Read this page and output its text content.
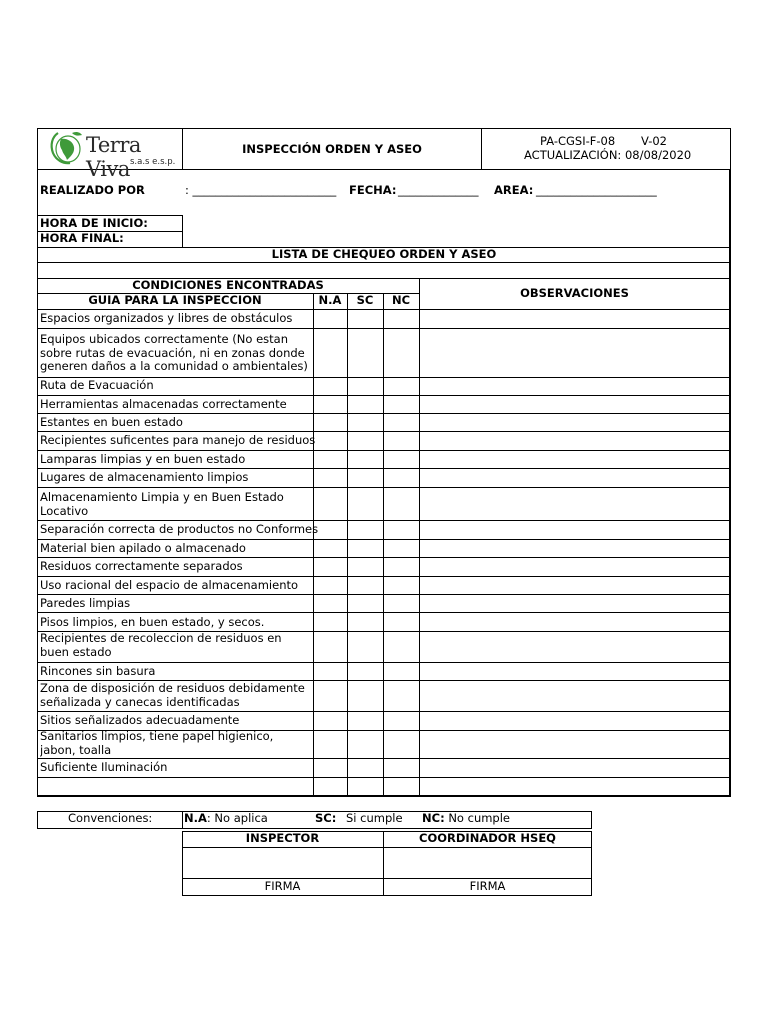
Terra Viva s.a.s e.s.p.
INSPECCIÓN ORDEN Y ASEO
PA-CGSI-F-08 V-02
ACTUALIZACIÓN: 08/08/2020
REALIZADO POR	: _________________________ FECHA: ______________ AREA: _____________________
HORA DE INICIO:
HORA FINAL:
LISTA DE CHEQUEO ORDEN Y ASEO
CONDICIONES ENCONTRADAS
GUIA PARA LA INSPECCION	N.A	SC	NC	OBSERVACIONES
Espacios organizados y libres de obstáculos
Equipos ubicados correctamente (No estan sobre rutas de evacuación, ni en zonas donde generen daños a la comunidad o ambientales)
Ruta de Evacuación
Herramientas almacenadas correctamente
Estantes en buen estado
Recipientes suficentes para manejo de residuos
Lamparas limpias y en buen estado
Lugares de almacenamiento limpios
Almacenamiento Limpia y en Buen Estado Locativo
Separación correcta de productos no Conformes
Material bien apilado o almacenado
Residuos correctamente separados
Uso racional del espacio de almacenamiento
Paredes limpias
Pisos limpios, en buen estado, y secos.
Recipientes de recoleccion de residuos en buen estado
Rincones sin basura
Zona de disposición de residuos debidamente señalizada y canecas identificadas
Sitios señalizados adecuadamente
Sanitarios limpios, tiene papel higienico, jabon, toalla
Suficiente Iluminación
Convenciones:	N.A: No aplica	SC: Si cumple NC: No cumple
INSPECTOR	COORDINADOR HSEQ
FIRMA	FIRMA
